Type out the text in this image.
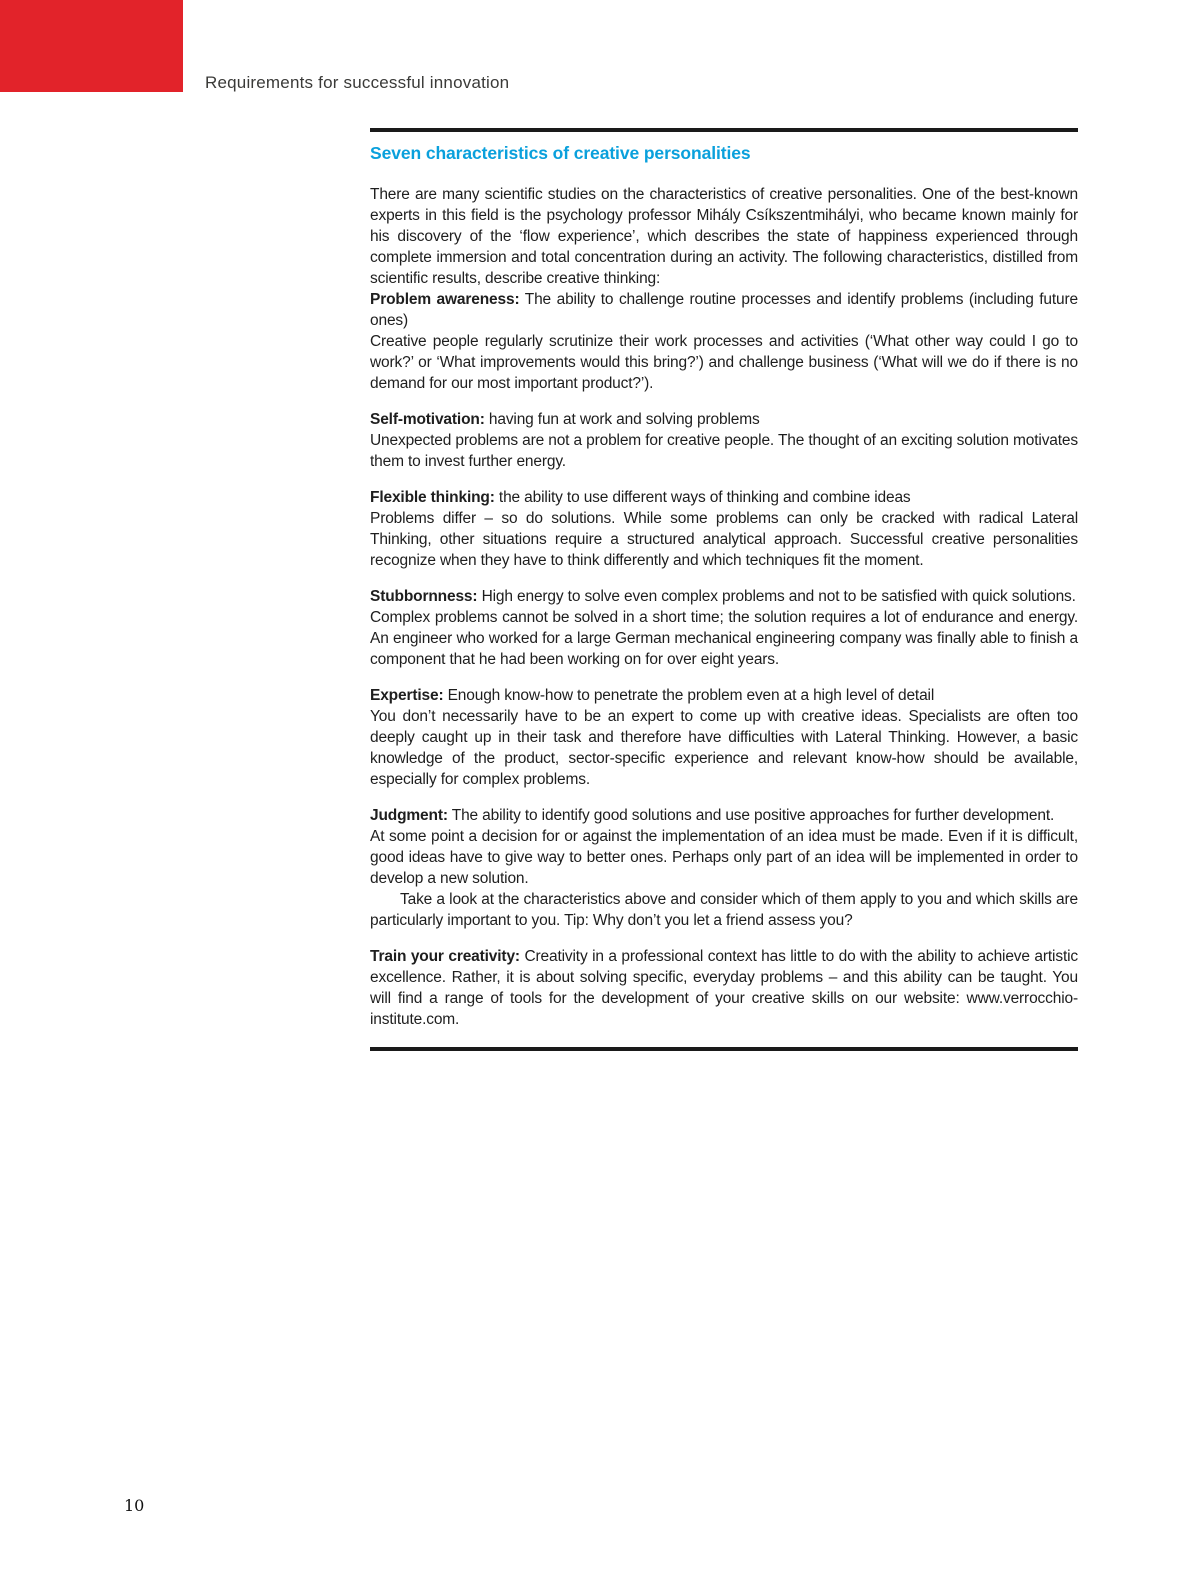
Requirements for successful innovation
Seven characteristics of creative personalities

There are many scientific studies on the characteristics of creative personalities. One of the best-known experts in this field is the psychology professor Mihály Csíkszentmihályi, who became known mainly for his discovery of the ‘flow experience’, which describes the state of happiness experienced through complete immersion and total concentration during an activity. The following characteristics, distilled from scientific results, describe creative thinking:

Problem awareness: The ability to challenge routine processes and identify problems (including future ones)

Creative people regularly scrutinize their work processes and activities (‘What other way could I go to work?’ or ‘What improvements would this bring?’) and challenge business (‘What will we do if there is no demand for our most important product?’).

Self-motivation: having fun at work and solving problems

Unexpected problems are not a problem for creative people. The thought of an exciting solution motivates them to invest further energy.

Flexible thinking: the ability to use different ways of thinking and combine ideas

Problems differ – so do solutions. While some problems can only be cracked with radical Lateral Thinking, other situations require a structured analytical approach. Successful creative personalities recognize when they have to think differently and which techniques fit the moment.

Stubbornness: High energy to solve even complex problems and not to be satisfied with quick solutions.

Complex problems cannot be solved in a short time; the solution requires a lot of endurance and energy. An engineer who worked for a large German mechanical engineering company was finally able to finish a component that he had been working on for over eight years.

Expertise: Enough know-how to penetrate the problem even at a high level of detail

You don’t necessarily have to be an expert to come up with creative ideas. Specialists are often too deeply caught up in their task and therefore have difficulties with Lateral Thinking. However, a basic knowledge of the product, sector-specific experience and relevant know-how should be available, especially for complex problems.

Judgment: The ability to identify good solutions and use positive approaches for further development.

At some point a decision for or against the implementation of an idea must be made. Even if it is difficult, good ideas have to give way to better ones. Perhaps only part of an idea will be implemented in order to develop a new solution.

Take a look at the characteristics above and consider which of them apply to you and which skills are particularly important to you. Tip: Why don’t you let a friend assess you?

Train your creativity: Creativity in a professional context has little to do with the ability to achieve artistic excellence. Rather, it is about solving specific, everyday problems – and this ability can be taught. You will find a range of tools for the development of your creative skills on our website: www.verrocchio-institute.com.

10
